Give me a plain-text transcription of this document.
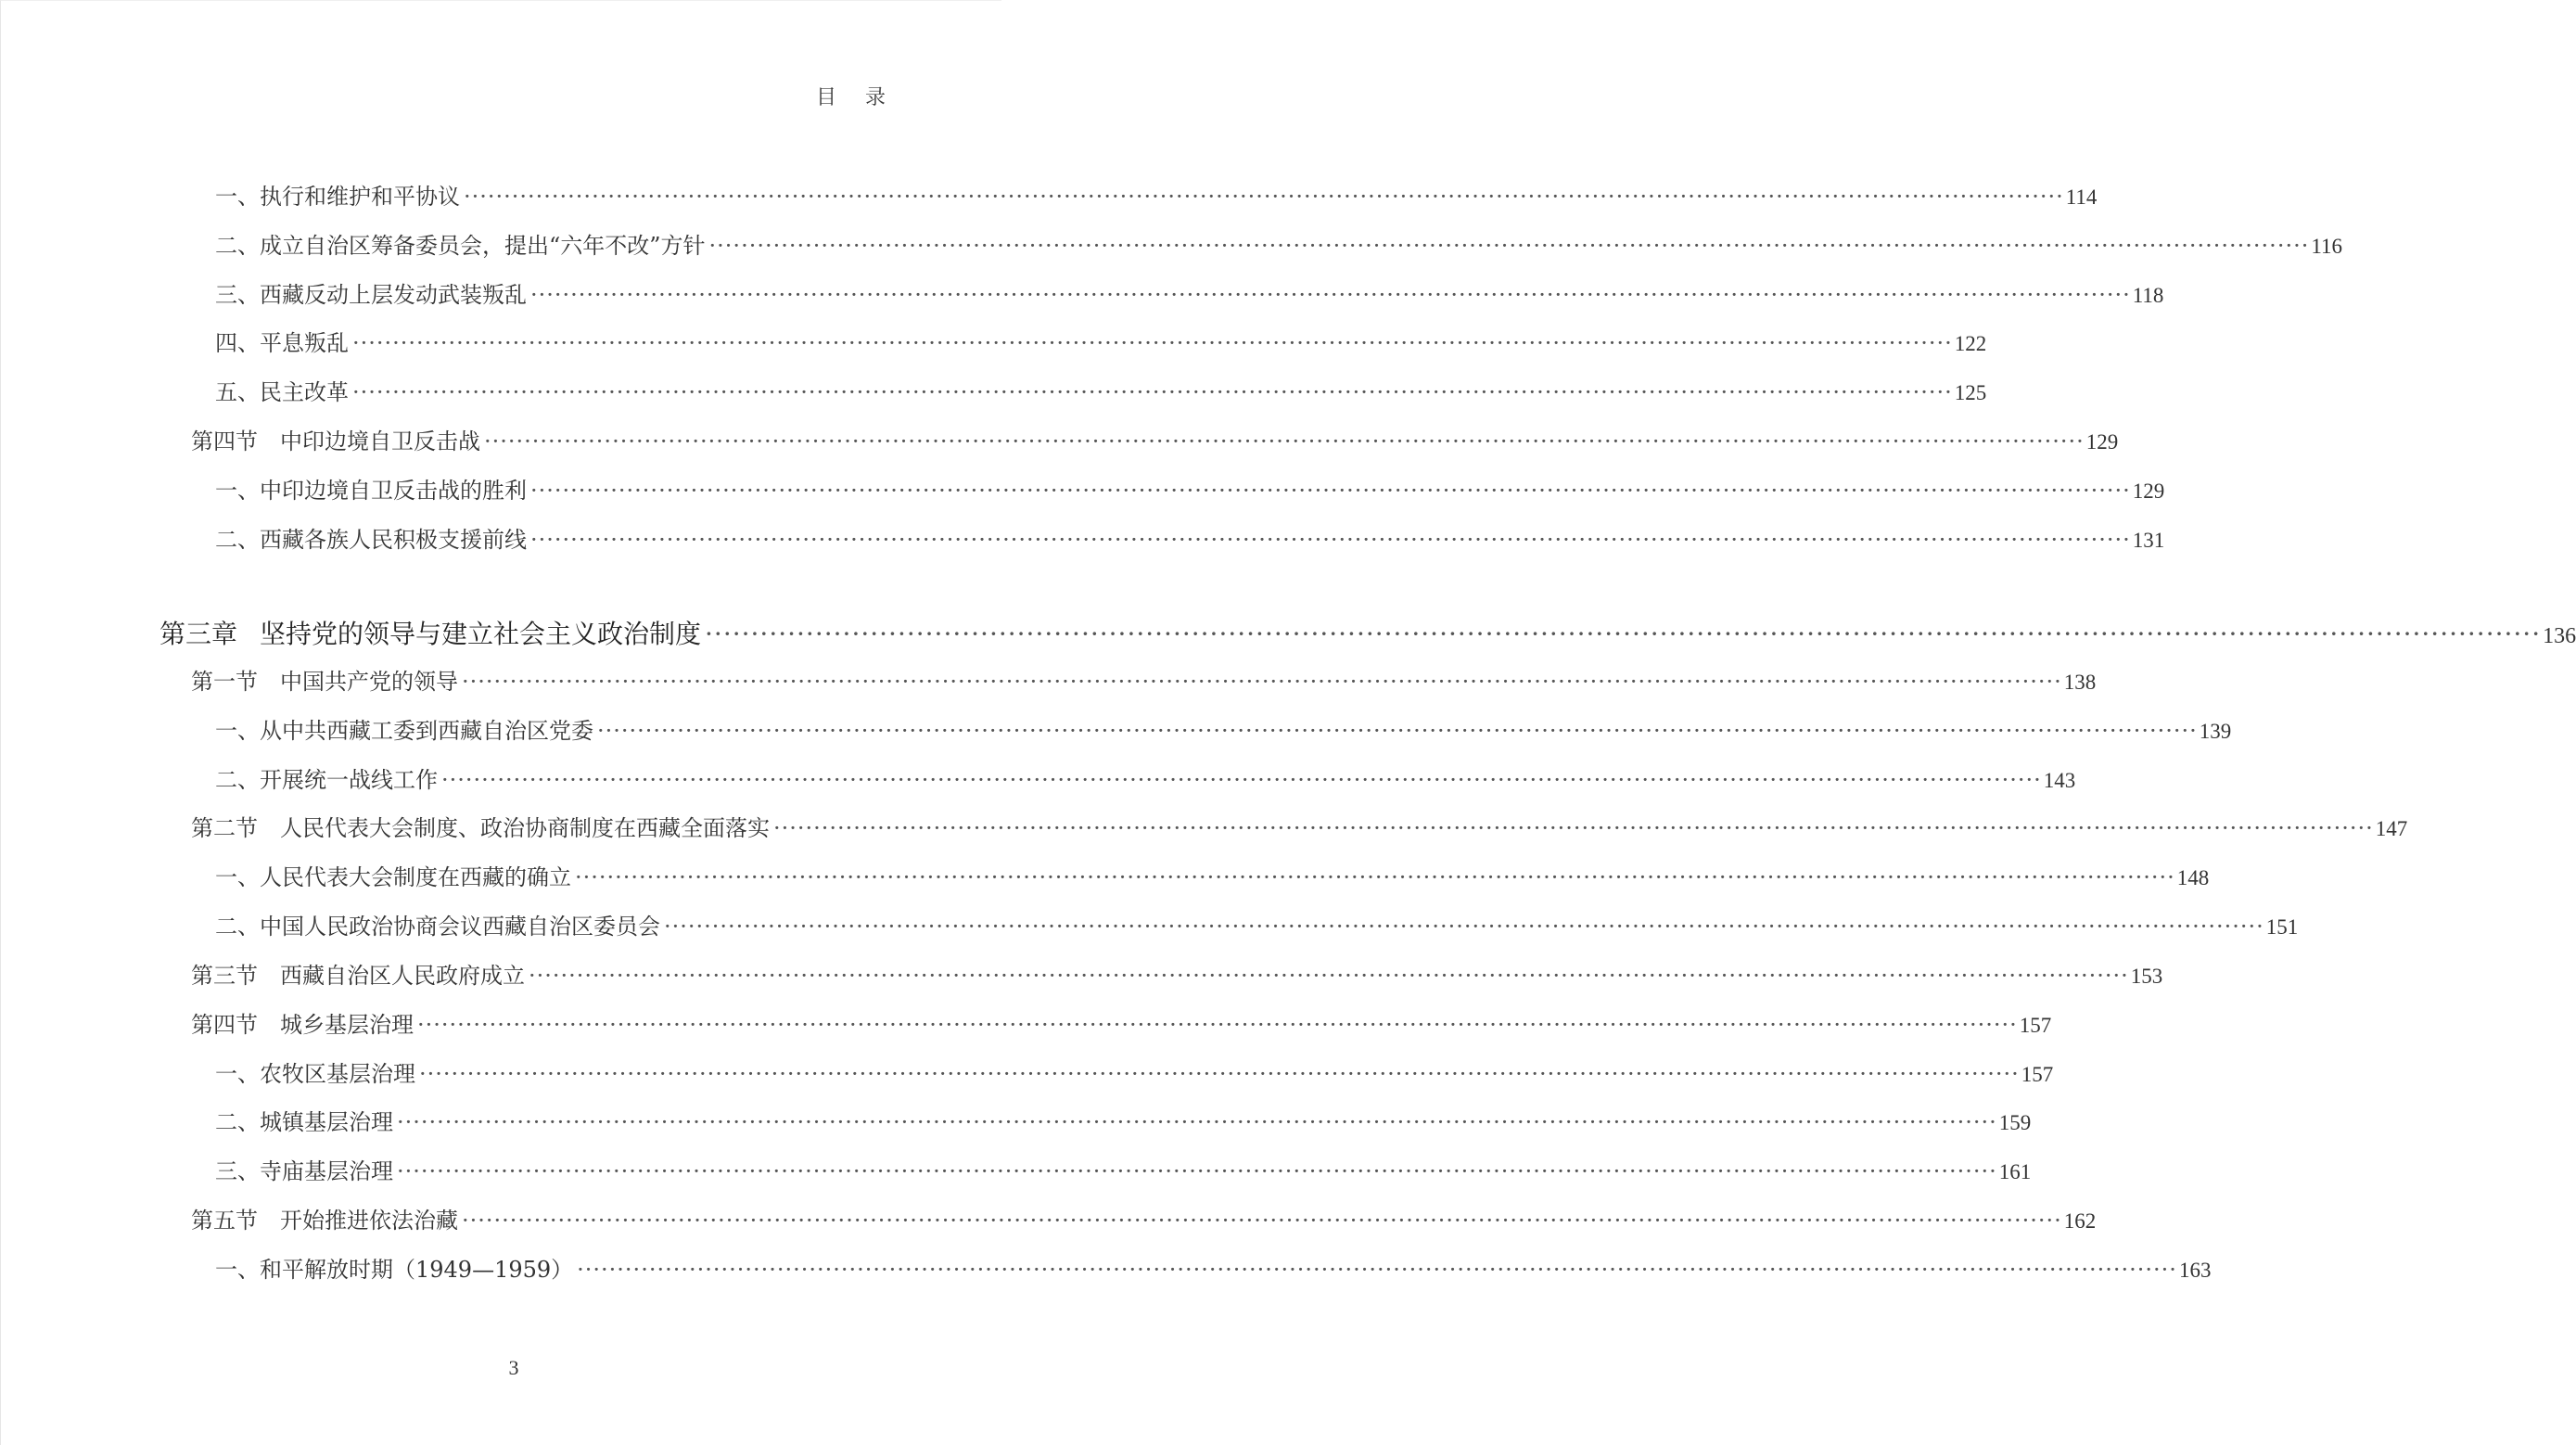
目 录
一、执行和维护和平协议 ········································································································································································································ 114
二、成立自治区筹备委员会，提出“六年不改”方针 ········································································································································································································ 116
三、西藏反动上层发动武装叛乱 ········································································································································································································ 118
四、平息叛乱 ········································································································································································································ 122
五、民主改革 ········································································································································································································ 125
第四节 中印边境自卫反击战 ········································································································································································································ 129
一、中印边境自卫反击战的胜利 ········································································································································································································ 129
二、西藏各族人民积极支援前线 ········································································································································································································ 131
第三章 坚持党的领导与建立社会主义政治制度 ········································································································································································································ 136
第一节 中国共产党的领导 ········································································································································································································ 138
一、从中共西藏工委到西藏自治区党委 ········································································································································································································ 139
二、开展统一战线工作 ········································································································································································································ 143
第二节 人民代表大会制度、政治协商制度在西藏全面落实 ········································································································································································································ 147
一、人民代表大会制度在西藏的确立 ········································································································································································································ 148
二、中国人民政治协商会议西藏自治区委员会 ········································································································································································································ 151
第三节 西藏自治区人民政府成立 ········································································································································································································ 153
第四节 城乡基层治理 ········································································································································································································ 157
一、农牧区基层治理 ········································································································································································································ 157
二、城镇基层治理 ········································································································································································································ 159
三、寺庙基层治理 ········································································································································································································ 161
第五节 开始推进依法治藏 ········································································································································································································ 162
一、和平解放时期（1949—1959） ········································································································································································································ 163
3
